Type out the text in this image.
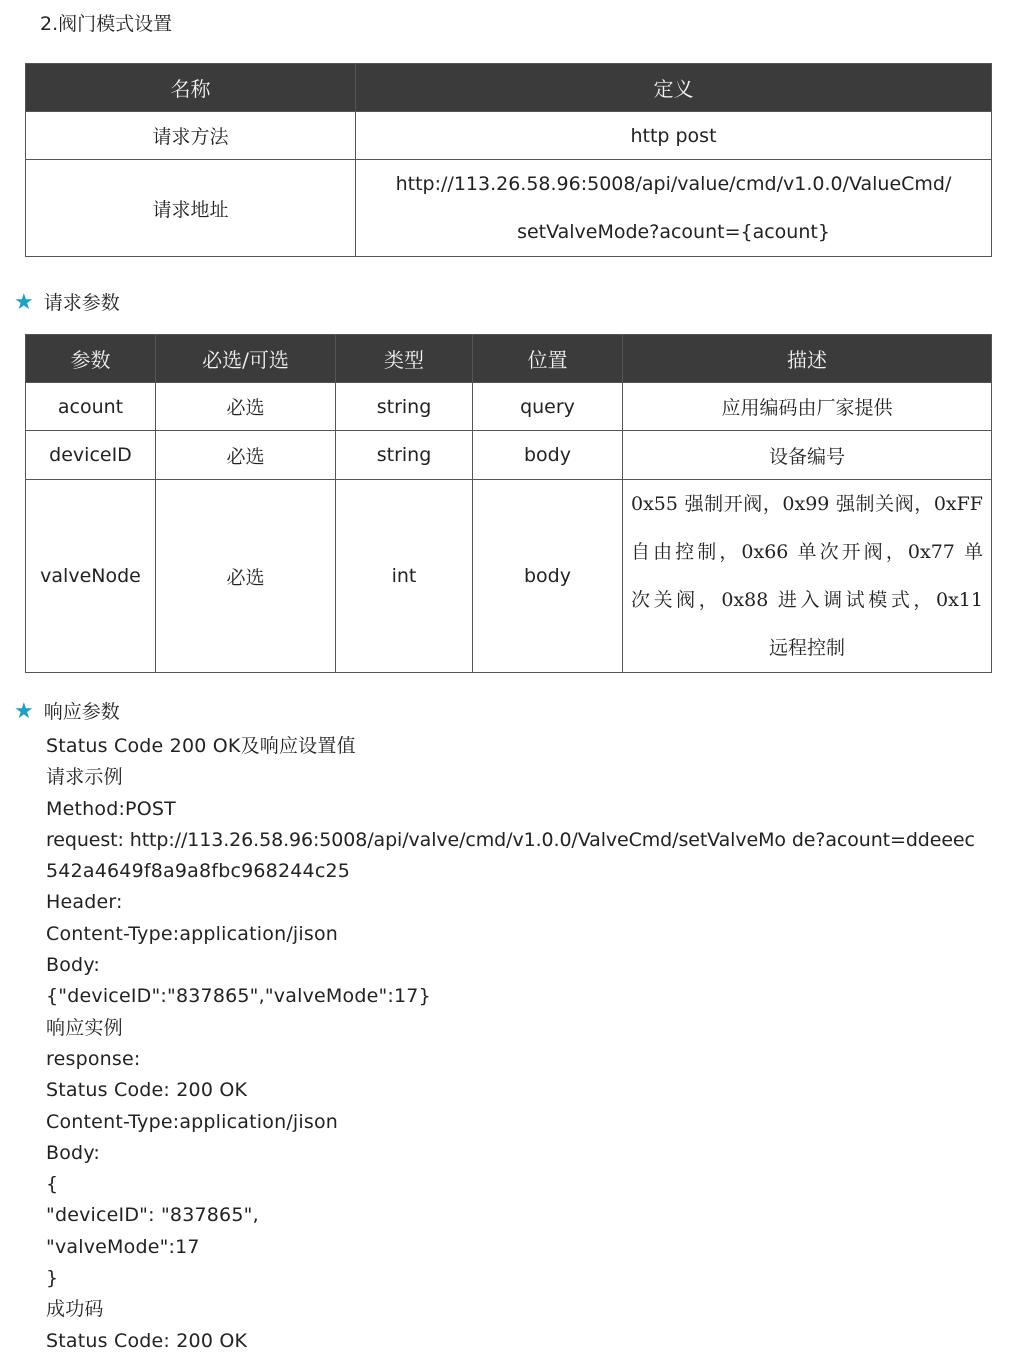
2.阀门模式设置
名称	定义
请求方法	http post
请求地址	http://113.26.58.96:5008/api/value/cmd/v1.0.0/ValueCmd/
setValveMode?acount={acount}
★ 请求参数
参数	必选/可选	类型	位置	描述
acount	必选	string	query	应用编码由厂家提供
deviceID	必选	string	body	设备编号
valveNode	必选	int	body	0x55 强制开阀，0x99 强制关阀，0xFF
自由控制，0x66 单次开阀，0x77 单
次关阀，0x88 进入调试模式，0x11
远程控制
★ 响应参数
Status Code 200 OK及响应设置值
请求示例
Method:POST
request: http://113.26.58.96:5008/api/valve/cmd/v1.0.0/ValveCmd/setValveMo de?acount=ddeeec
542a4649f8a9a8fbc968244c25
Header:
Content-Type:application/jison
Body:
{"deviceID":"837865","valveMode":17}
响应实例
response:
Status Code: 200 OK
Content-Type:application/jison
Body:
{
"deviceID": "837865",
"valveMode":17
}
成功码
Status Code: 200 OK
